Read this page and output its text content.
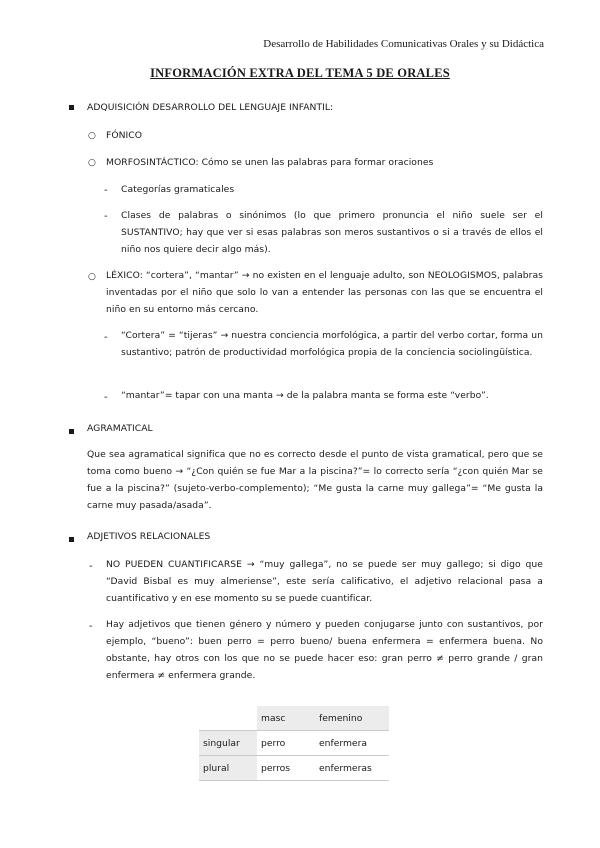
Desarrollo de Habilidades Comunicativas Orales y su Didáctica
INFORMACIÓN EXTRA DEL TEMA 5 DE ORALES
ADQUISICIÓN DESARROLLO DEL LENGUAJE INFANTIL:
○ FÓNICO
○ MORFOSINTÁCTICO: Cómo se unen las palabras para formar oraciones
- Categorías gramaticales
- Clases de palabras o sinónimos (lo que primero pronuncia el niño suele ser el SUSTANTIVO; hay que ver si esas palabras son meros sustantivos o si a través de ellos el niño nos quiere decir algo más).
○ LÉXICO: “cortera”, “mantar” → no existen en el lenguaje adulto, son NEOLOGISMOS, palabras inventadas por el niño que solo lo van a entender las personas con las que se encuentra el niño en su entorno más cercano.
- “Cortera” = “tijeras” → nuestra conciencia morfológica, a partir del verbo cortar, forma un sustantivo; patrón de productividad morfológica propia de la conciencia sociolingüística.
- “mantar”= tapar con una manta → de la palabra manta se forma este “verbo”.
AGRAMATICAL
Que sea agramatical significa que no es correcto desde el punto de vista gramatical, pero que se toma como bueno → “¿Con quién se fue Mar a la piscina?”= lo correcto sería “¿con quién Mar se fue a la piscina?” (sujeto-verbo-complemento); “Me gusta la carne muy gallega”= “Me gusta la carne muy pasada/asada”.
ADJETIVOS RELACIONALES
- NO PUEDEN CUANTIFICARSE → “muy gallega”, no se puede ser muy gallego; si digo que “David Bisbal es muy almeriense”, este sería calificativo, el adjetivo relacional pasa a cuantificativo y en ese momento su se puede cuantificar.
- Hay adjetivos que tienen género y número y pueden conjugarse junto con sustantivos, por ejemplo, “bueno”: buen perro = perro bueno/ buena enfermera = enfermera buena. No obstante, hay otros con los que no se puede hacer eso: gran perro ≠ perro grande / gran enfermera ≠ enfermera grande.
	masc	femenino
singular	perro	enfermera
plural	perros	enfermeras
